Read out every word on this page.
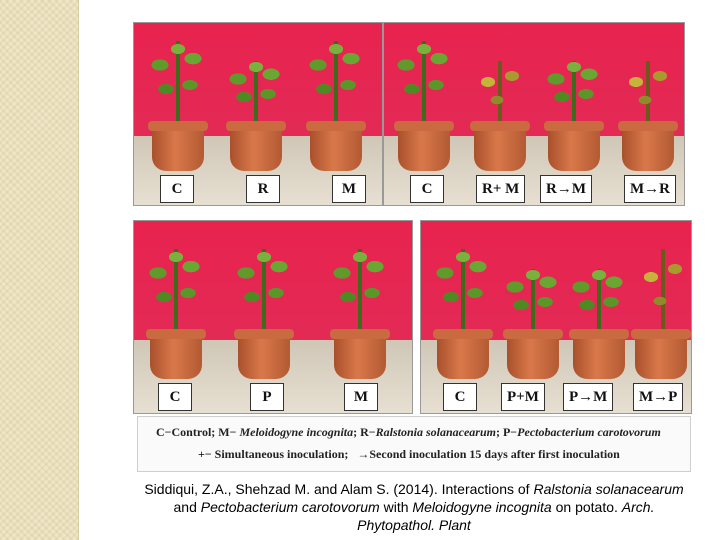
C	R	M	C	R+ M	R→M	M→R
C	P	M	C	P+M	P→M	M→P
C−Control; M− Meloidogyne incognita; R−Ralstonia solanacearum; P−Pectobacterium carotovorum
+− Simultaneous inoculation; →Second inoculation 15 days after first inoculation
Siddiqui, Z.A., Shehzad M. and Alam S. (2014). Interactions of Ralstonia solanacearum and Pectobacterium carotovorum with Meloidogyne incognita on potato. Arch. Phytopathol. Plant
